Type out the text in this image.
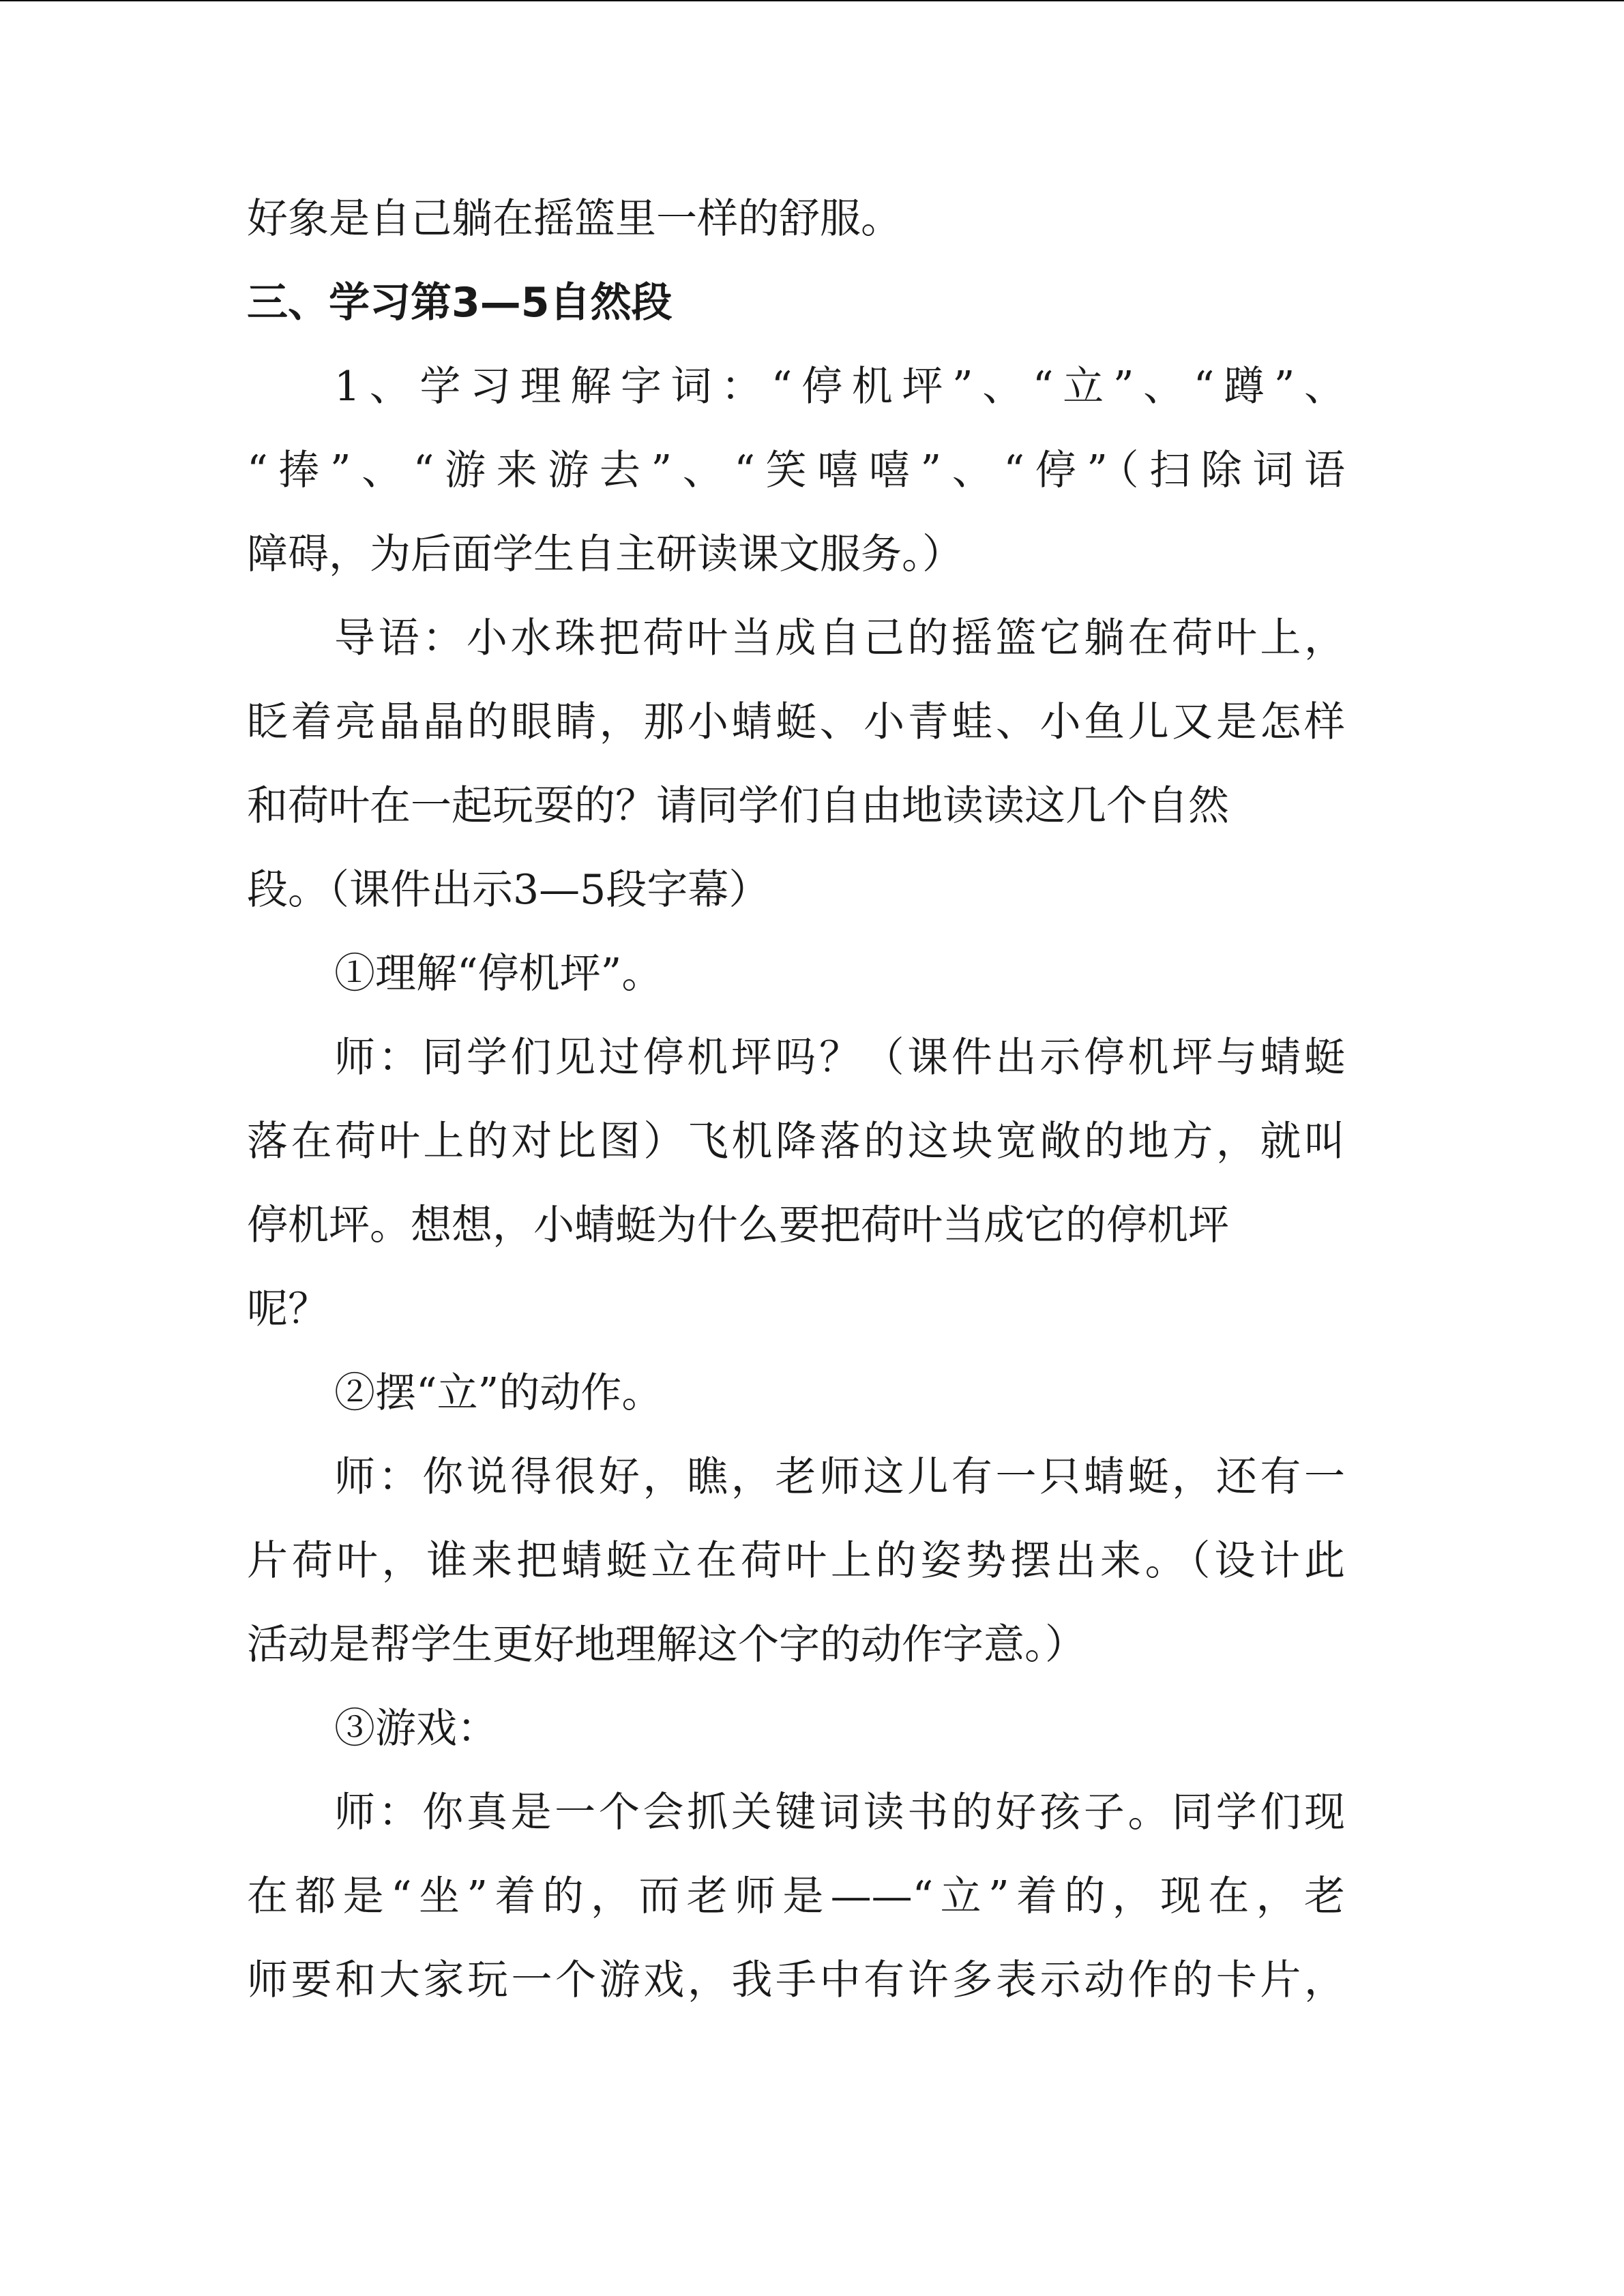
好象是自己躺在摇篮里一样的舒服。
三、学习第3—5自然段
1、学习理解字词：“停机坪”、“立”、“蹲”、
“捧”、“游来游去”、“笑嘻嘻”、“停”（扫除词语
障碍，为后面学生自主研读课文服务。）
导语：小水珠把荷叶当成自己的摇篮它躺在荷叶上，
眨着亮晶晶的眼睛，那小蜻蜓、小青蛙、小鱼儿又是怎样
和荷叶在一起玩耍的？请同学们自由地读读这几个自然
段。（课件出示3—5段字幕）
①理解“停机坪”。
师：同学们见过停机坪吗？（课件出示停机坪与蜻蜓
落在荷叶上的对比图）飞机降落的这块宽敞的地方，就叫
停机坪。想想，小蜻蜓为什么要把荷叶当成它的停机坪
呢？
②摆“立”的动作。
师：你说得很好，瞧，老师这儿有一只蜻蜓，还有一
片荷叶，谁来把蜻蜓立在荷叶上的姿势摆出来。（设计此
活动是帮学生更好地理解这个字的动作字意。）
③游戏：
师：你真是一个会抓关键词读书的好孩子。同学们现
在都是“坐”着的，而老师是——“立”着的，现在，老
师要和大家玩一个游戏，我手中有许多表示动作的卡片，
